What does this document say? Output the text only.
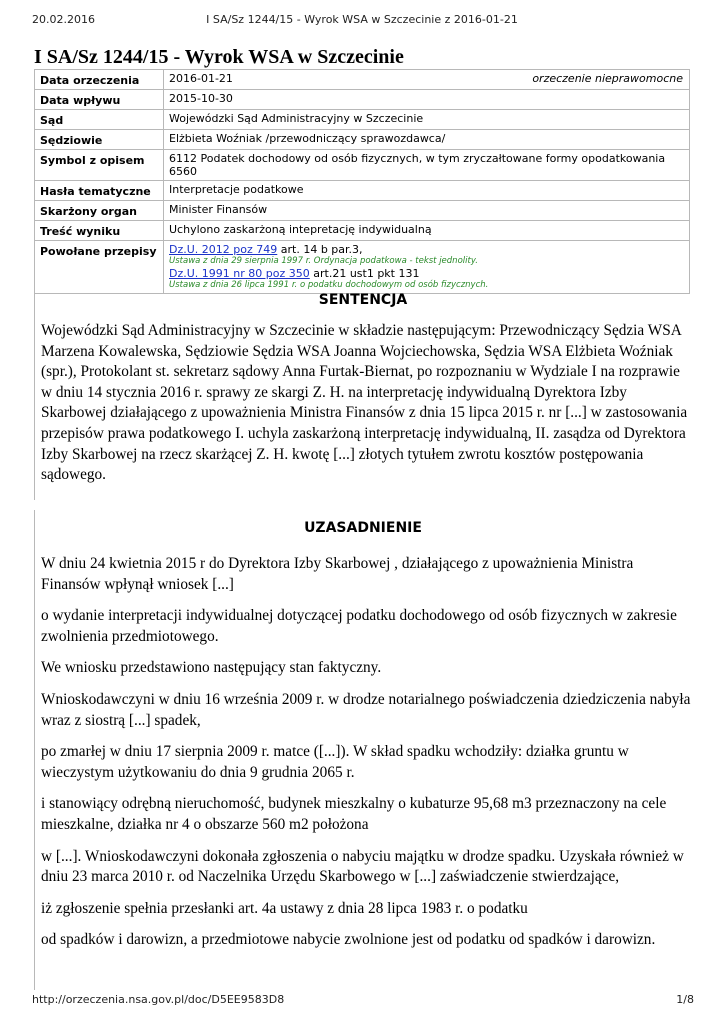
20.02.2016	I SA/Sz 1244/15 - Wyrok WSA w Szczecinie z 2016-01-21
I SA/Sz 1244/15 - Wyrok WSA w Szczecinie
Data orzeczenia	2016-01-21 orzeczenie nieprawomocne

Data wpływu	2015-10-30
Sąd	Wojewódzki Sąd Administracyjny w Szczecinie
Sędziowie	Elżbieta Woźniak /przewodniczący sprawozdawca/
Symbol z opisem	6112 Podatek dochodowy od osób fizycznych, w tym zryczałtowane formy opodatkowania
6560

Hasła tematyczne	Interpretacje podatkowe
Skarżony organ	Minister Finansów
Treść wyniku	Uchylono zaskarżoną intepretację indywidualną
Powołane przepisy	Dz.U. 2012 poz 749 art. 14 b par.3,
Ustawa z dnia 29 sierpnia 1997 r. Ordynacja podatkowa - tekst jednolity.
Dz.U. 1991 nr 80 poz 350 art.21 ust1 pkt 131
Ustawa z dnia 26 lipca 1991 r. o podatku dochodowym od osób fizycznych.
SENTENCJA

Wojewódzki Sąd Administracyjny w Szczecinie w składzie następującym: Przewodniczący Sędzia WSA Marzena Kowalewska, Sędziowie Sędzia WSA Joanna Wojciechowska, Sędzia WSA Elżbieta Woźniak (spr.), Protokolant st. sekretarz sądowy Anna Furtak-Biernat, po rozpoznaniu w Wydziale I na rozprawie w dniu 14 stycznia 2016 r. sprawy ze skargi Z. H. na interpretację indywidualną Dyrektora Izby Skarbowej działającego z upoważnienia Ministra Finansów z dnia 15 lipca 2015 r. nr [...] w zastosowania przepisów prawa podatkowego I. uchyla zaskarżoną interpretację indywidualną, II. zasądza od Dyrektora Izby Skarbowej na rzecz skarżącej Z. H. kwotę [...] złotych tytułem zwrotu kosztów postępowania sądowego.

UZASADNIENIE

W dniu 24 kwietnia 2015 r do Dyrektora Izby Skarbowej , działającego z upoważnienia Ministra Finansów wpłynął wniosek [...]

o wydanie interpretacji indywidualnej dotyczącej podatku dochodowego od osób fizycznych w zakresie zwolnienia przedmiotowego.

We wniosku przedstawiono następujący stan faktyczny.

Wnioskodawczyni w dniu 16 września 2009 r. w drodze notarialnego poświadczenia dziedziczenia nabyła wraz z siostrą [...] spadek,

po zmarłej w dniu 17 sierpnia 2009 r. matce ([...]). W skład spadku wchodziły: działka gruntu w wieczystym użytkowaniu do dnia 9 grudnia 2065 r.

i stanowiący odrębną nieruchomość, budynek mieszkalny o kubaturze 95,68 m3 przeznaczony na cele mieszkalne, działka nr 4 o obszarze 560 m2 położona

w [...]. Wnioskodawczyni dokonała zgłoszenia o nabyciu majątku w drodze spadku. Uzyskała również w dniu 23 marca 2010 r. od Naczelnika Urzędu Skarbowego w [...] zaświadczenie stwierdzające,

iż zgłoszenie spełnia przesłanki art. 4a ustawy z dnia 28 lipca 1983 r. o podatku

od spadków i darowizn, a przedmiotowe nabycie zwolnione jest od podatku od spadków i darowizn.

http://orzeczenia.nsa.gov.pl/doc/D5EE9583D8	1/8
